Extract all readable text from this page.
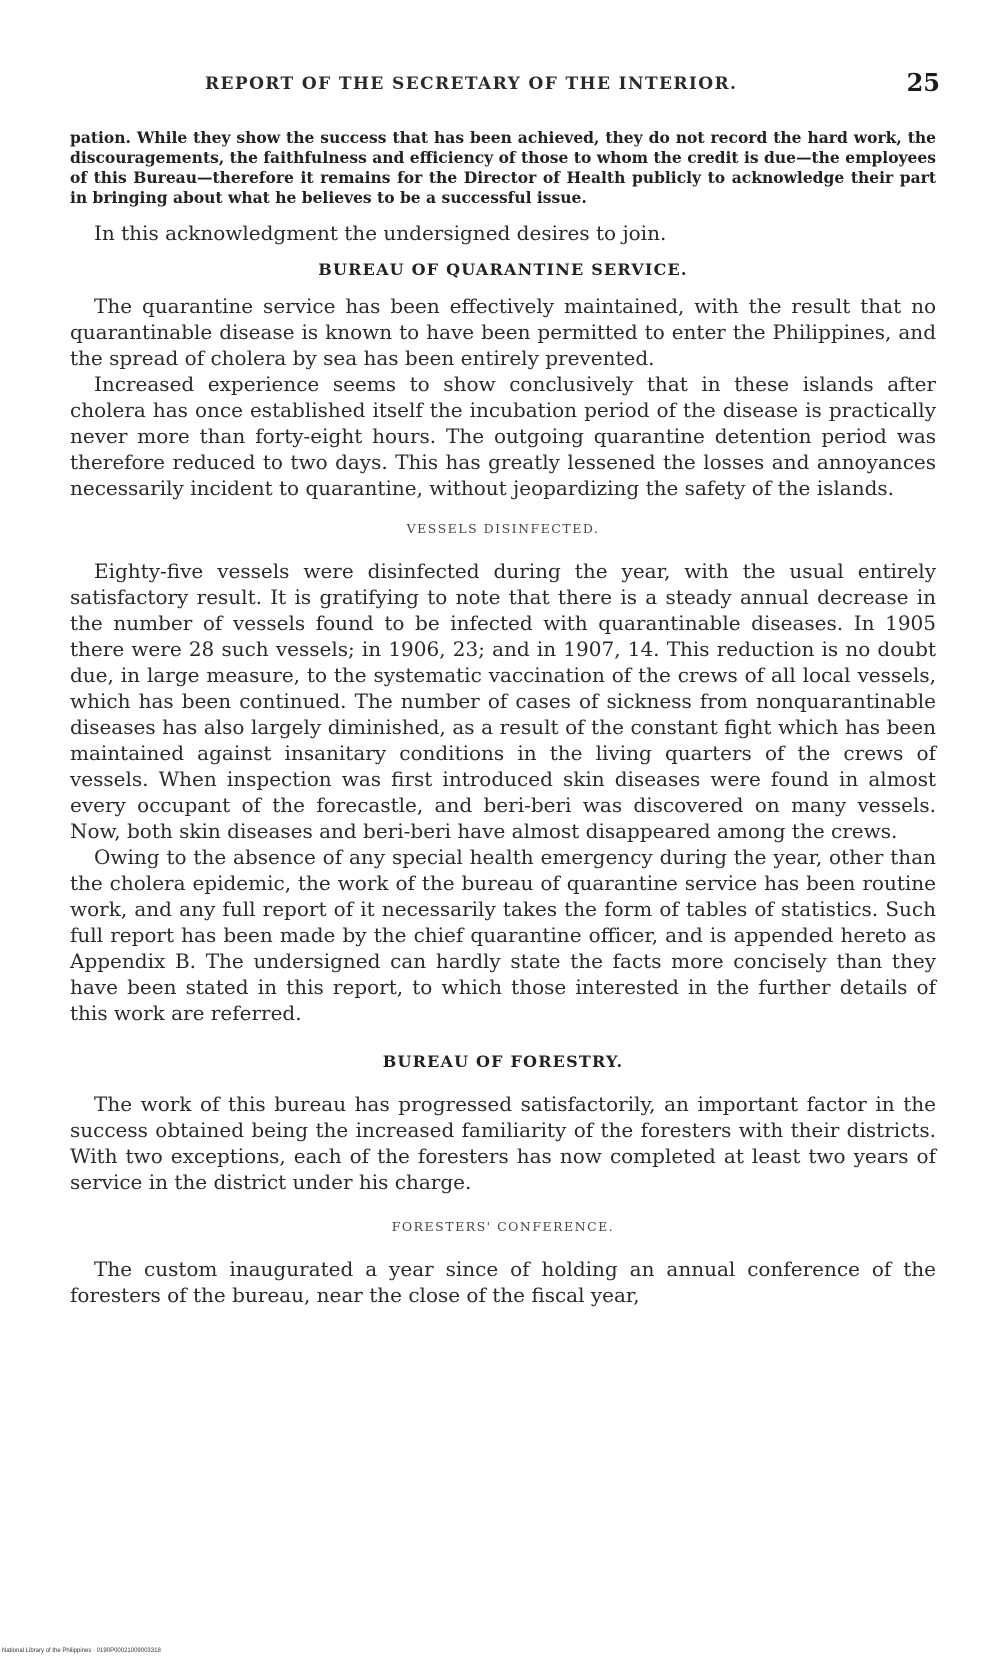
REPORT OF THE SECRETARY OF THE INTERIOR.	25

pation. While they show the success that has been achieved, they do not record the hard work, the discouragements, the faithfulness and efficiency of those to whom the credit is due—the employees of this Bureau—therefore it remains for the Director of Health publicly to acknowledge their part in bringing about what he believes to be a successful issue.

In this acknowledgment the undersigned desires to join.

BUREAU OF QUARANTINE SERVICE.

The quarantine service has been effectively maintained, with the result that no quarantinable disease is known to have been permitted to enter the Philippines, and the spread of cholera by sea has been entirely prevented.

Increased experience seems to show conclusively that in these islands after cholera has once established itself the incubation period of the disease is practically never more than forty-eight hours. The outgoing quarantine detention period was therefore reduced to two days. This has greatly lessened the losses and annoyances necessarily incident to quarantine, without jeopardizing the safety of the islands.

VESSELS DISINFECTED.

Eighty-five vessels were disinfected during the year, with the usual entirely satisfactory result. It is gratifying to note that there is a steady annual decrease in the number of vessels found to be infected with quarantinable diseases. In 1905 there were 28 such vessels; in 1906, 23; and in 1907, 14. This reduction is no doubt due, in large measure, to the systematic vaccination of the crews of all local vessels, which has been continued. The number of cases of sickness from nonquarantinable diseases has also largely diminished, as a result of the constant fight which has been maintained against insanitary conditions in the living quarters of the crews of vessels. When inspection was first introduced skin diseases were found in almost every occupant of the forecastle, and beri-beri was discovered on many vessels. Now, both skin diseases and beri-beri have almost disappeared among the crews.

Owing to the absence of any special health emergency during the year, other than the cholera epidemic, the work of the bureau of quarantine service has been routine work, and any full report of it necessarily takes the form of tables of statistics. Such full report has been made by the chief quarantine officer, and is appended hereto as Appendix B. The undersigned can hardly state the facts more concisely than they have been stated in this report, to which those interested in the further details of this work are referred.

BUREAU OF FORESTRY.

The work of this bureau has progressed satisfactorily, an important factor in the success obtained being the increased familiarity of the foresters with their districts. With two exceptions, each of the foresters has now completed at least two years of service in the district under his charge.

FORESTERS' CONFERENCE.

The custom inaugurated a year since of holding an annual conference of the foresters of the bureau, near the close of the fiscal year,

National Library of the Philippines · 0190P00021009003318
